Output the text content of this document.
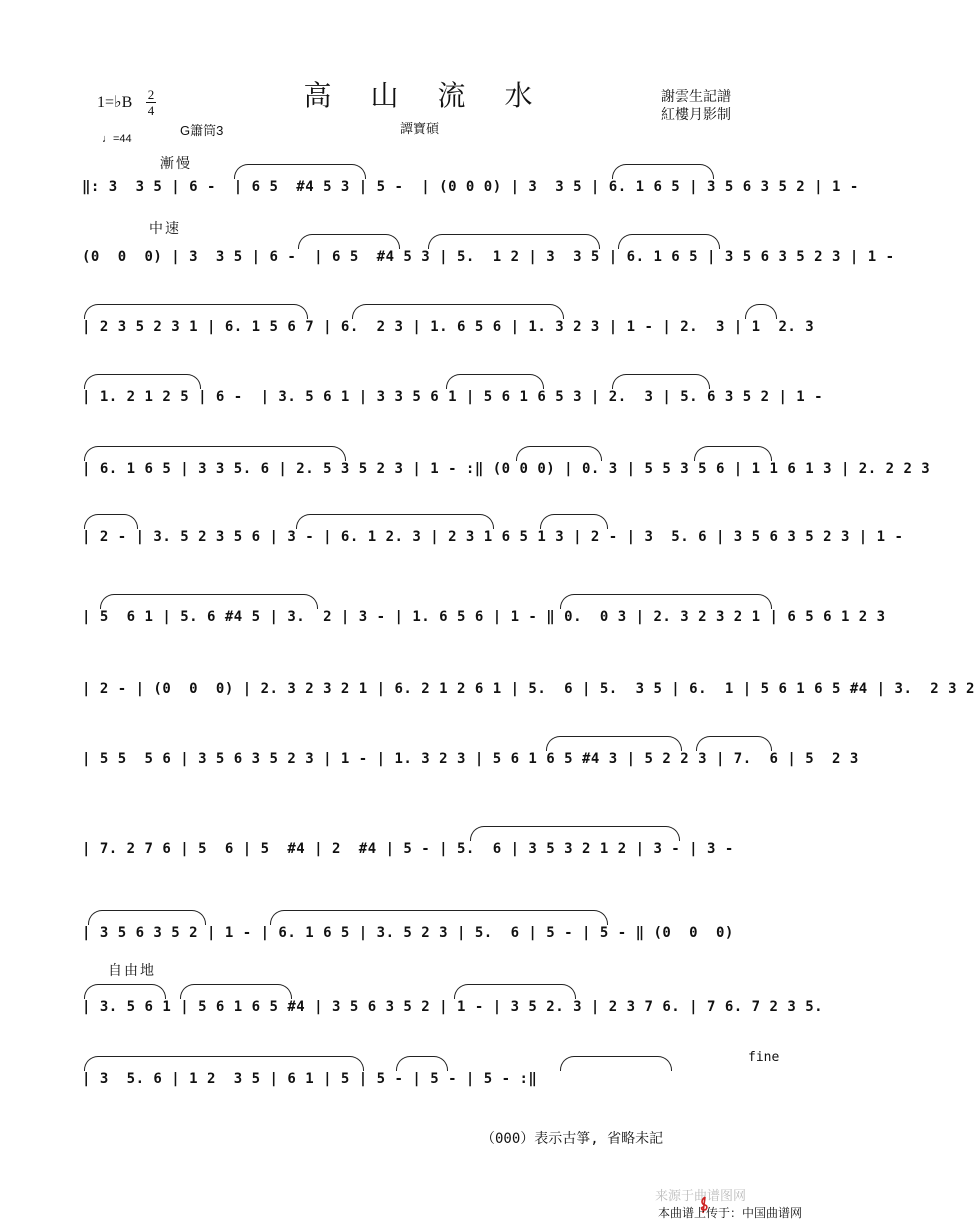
高 山 流 水
1=♭B 2
4
♩=44
G簫筒3	譚寶碩
謝雲生記譜
紅樓月影制
漸慢
中速
自由地
‖: 3  3 5 | 6 -  | 6 5  #4 5 3 | 5 -  | (0 0 0) | 3  3 5 | 6. 1 6 5 | 3 5 6 3 5 2 | 1 -
(0  0  0) | 3  3 5 | 6 -  | 6 5  #4 5 3 | 5.  1 2 | 3  3 5 | 6. 1 6 5 | 3 5 6 3 5 2 3 | 1 -
| 2 3 5 2 3 1 | 6. 1 5 6 7 | 6.  2 3 | 1. 6 5 6 | 1. 3 2 3 | 1 - | 2.  3 | 1  2. 3
| 1. 2 1 2 5 | 6 -  | 3. 5 6 1 | 3 3 5 6 1 | 5 6 1 6 5 3 | 2.  3 | 5. 6 3 5 2 | 1 -
| 6. 1 6 5 | 3 3 5. 6 | 2. 5 3 5 2 3 | 1 - :‖ (0 0 0) | 0. 3 | 5 5 3 5 6 | 1 1 6 1 3 | 2. 2 2 3
| 2 - | 3. 5 2 3 5 6 | 3 - | 6. 1 2. 3 | 2 3 1 6 5 1 3 | 2 - | 3  5. 6 | 3 5 6 3 5 2 3 | 1 -
| 5  6 1 | 5. 6 #4 5 | 3.  2 | 3 - | 1. 6 5 6 | 1 - ‖ 0.  0 3 | 2. 3 2 3 2 1 | 6 5 6 1 2 3
| 2 - | (0  0  0) | 2. 3 2 3 2 1 | 6. 2 1 2 6 1 | 5.  6 | 5.  3 5 | 6.  1 | 5 6 1 6 5 #4 | 3.  2 3 2
| 5 5  5 6 | 3 5 6 3 5 2 3 | 1 - | 1. 3 2 3 | 5 6 1 6 5 #4 3 | 5 2 2 3 | 7.  6 | 5  2 3
| 7. 2 7 6 | 5  6 | 5  #4 | 2  #4 | 5 - | 5.  6 | 3 5 3 2 1 2 | 3 - | 3 -
| 3 5 6 3 5 2 | 1 - | 6. 1 6 5 | 3. 5 2 3 | 5.  6 | 5 - | 5 - ‖ (0  0  0)
| 3. 5 6 1 | 5 6 1 6 5 #4 | 3 5 6 3 5 2 | 1 - | 3 5 2. 3 | 2 3 7 6. | 7 6. 7 2 3 5.
| 3  5. 6 | 1 2  3 5 | 6 1 | 5 | 5 - | 5 - | 5 - :‖
fine
（000）表示古箏, 省略未記
来源于曲谱图网
本曲谱上传于：中国曲谱网
